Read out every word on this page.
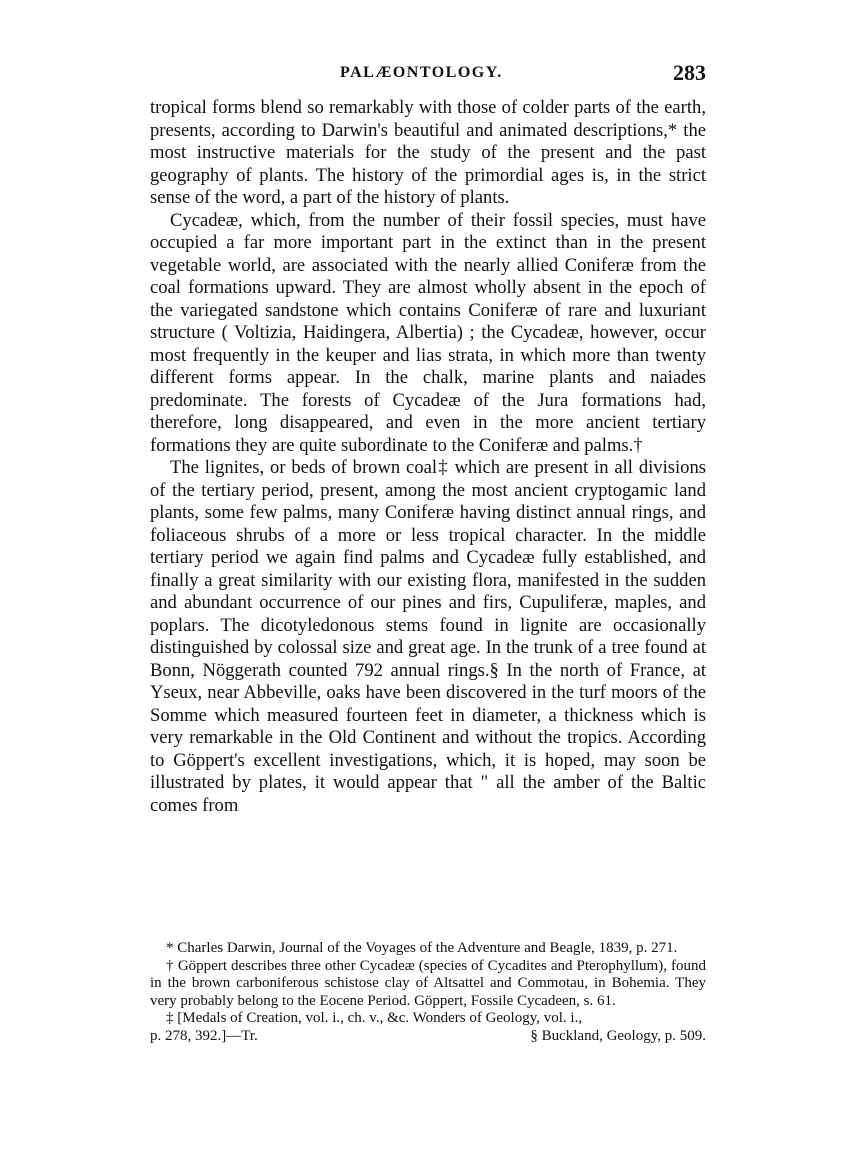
PALÆONTOLOGY.	283

tropical forms blend so remarkably with those of colder parts of the earth, presents, according to Darwin's beautiful and animated descriptions,* the most instructive materials for the study of the present and the past geography of plants. The history of the primordial ages is, in the strict sense of the word, a part of the history of plants.

Cycadeæ, which, from the number of their fossil species, must have occupied a far more important part in the extinct than in the present vegetable world, are associated with the nearly allied Coniferæ from the coal formations upward. They are almost wholly absent in the epoch of the variegated sandstone which contains Coniferæ of rare and luxuriant structure ( Voltizia, Haidingera, Albertia) ; the Cycadeæ, however, occur most frequently in the keuper and lias strata, in which more than twenty different forms appear. In the chalk, marine plants and naiades predominate. The forests of Cycadeæ of the Jura formations had, therefore, long disappeared, and even in the more ancient tertiary formations they are quite subordinate to the Coniferæ and palms.†

The lignites, or beds of brown coal‡ which are present in all divisions of the tertiary period, present, among the most ancient cryptogamic land plants, some few palms, many Coniferæ having distinct annual rings, and foliaceous shrubs of a more or less tropical character. In the middle tertiary period we again find palms and Cycadeæ fully established, and finally a great similarity with our existing flora, manifested in the sudden and abundant occurrence of our pines and firs, Cupuliferæ, maples, and poplars. The dicotyledonous stems found in lignite are occasionally distinguished by colossal size and great age. In the trunk of a tree found at Bonn, Nöggerath counted 792 annual rings.§ In the north of France, at Yseux, near Abbeville, oaks have been discovered in the turf moors of the Somme which measured fourteen feet in diameter, a thickness which is very remarkable in the Old Continent and without the tropics. According to Göppert's excellent investigations, which, it is hoped, may soon be illustrated by plates, it would appear that " all the amber of the Baltic comes from

* Charles Darwin, Journal of the Voyages of the Adventure and Beagle, 1839, p. 271.

† Göppert describes three other Cycadeæ (species of Cycadites and Pterophyllum), found in the brown carboniferous schistose clay of Altsattel and Commotau, in Bohemia. They very probably belong to the Eocene Period. Göppert, Fossile Cycadeen, s. 61.

‡ [Medals of Creation, vol. i., ch. v., &c. Wonders of Geology, vol. i.,

p. 278, 392.]—Tr.	§ Buckland, Geology, p. 509.
